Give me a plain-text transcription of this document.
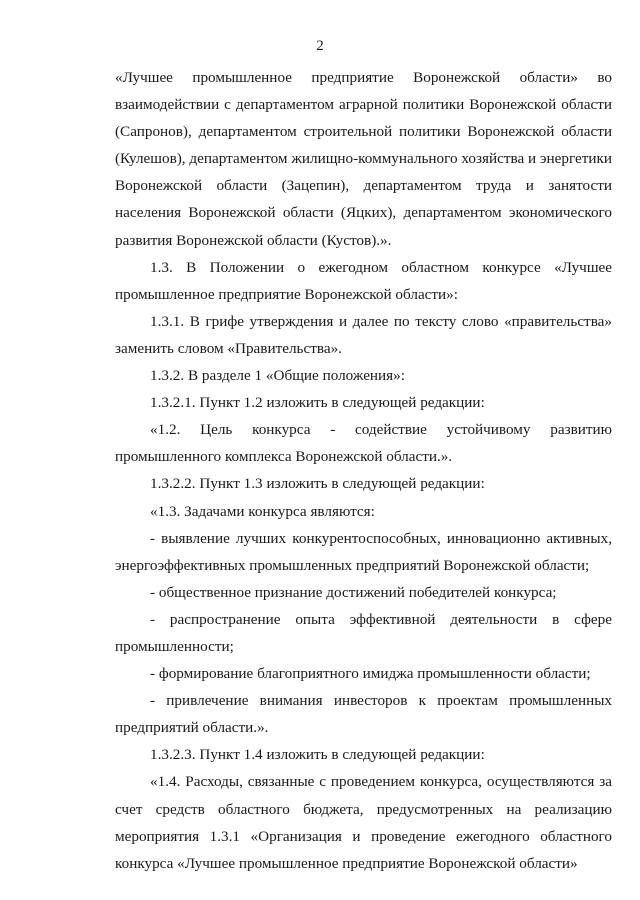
2

«Лучшее промышленное предприятие Воронежской области» во взаимодействии с департаментом аграрной политики Воронежской области (Сапронов), департаментом строительной политики Воронежской области (Кулешов), департаментом жилищно-коммунального хозяйства и энергетики Воронежской области (Зацепин), департаментом труда и занятости населения Воронежской области (Яцких), департаментом экономического развития Воронежской области (Кустов).».

1.3. В Положении о ежегодном областном конкурсе «Лучшее промышленное предприятие Воронежской области»:

1.3.1. В грифе утверждения и далее по тексту слово «правительства» заменить словом «Правительства».

1.3.2. В разделе 1 «Общие положения»:

1.3.2.1. Пункт 1.2 изложить в следующей редакции:

«1.2. Цель конкурса - содействие устойчивому развитию промышленного комплекса Воронежской области.».

1.3.2.2. Пункт 1.3 изложить в следующей редакции:

«1.3. Задачами конкурса являются:

- выявление лучших конкурентоспособных, инновационно активных, энергоэффективных промышленных предприятий Воронежской области;

- общественное признание достижений победителей конкурса;

- распространение опыта эффективной деятельности в сфере промышленности;

- формирование благоприятного имиджа промышленности области;

- привлечение внимания инвесторов к проектам промышленных предприятий области.».

1.3.2.3. Пункт 1.4 изложить в следующей редакции:

«1.4. Расходы, связанные с проведением конкурса, осуществляются за счет средств областного бюджета, предусмотренных на реализацию мероприятия 1.3.1 «Организация и проведение ежегодного областного конкурса «Лучшее промышленное предприятие Воронежской области»
